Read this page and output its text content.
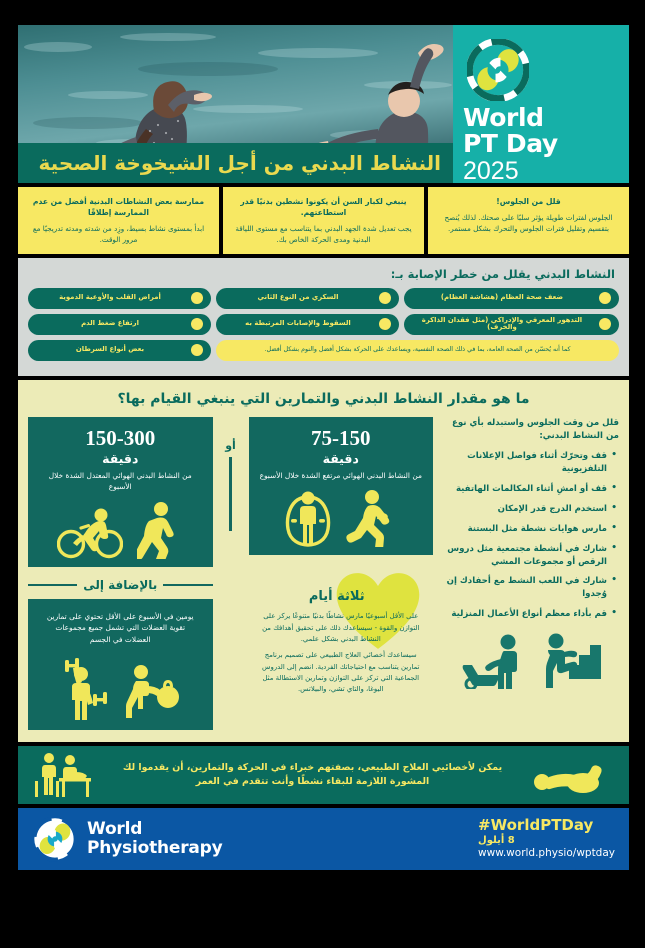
World
PT Day
2025
النشاط البدني من أجل الشيخوخة الصحية
قلل من الجلوس!
الجلوس لفترات طويلة يؤثر سلبًا على صحتك. لذلك يُنصح بتقسيم وتقليل فترات الجلوس والتحرك بشكل مستمر.
ينبغي لكبار السن أن يكونوا نشطين بدنيًا قدر استطاعتهم.
يجب تعديل شدة الجهد البدني بما يتناسب مع مستوى اللياقة البدنية ومدى الحركة الخاص بك.
ممارسة بعض النشاطات البدنية أفضل من عدم الممارسة إطلاقًا
ابدأ بمستوى نشاط بسيط، وزِد من شدته ومدته تدريجيًا مع مرور الوقت.
النشاط البدني يقلل من خطر الإصابة بـ:
ضعف صحة العظام (هشاشة العظام)
السكري من النوع الثاني
أمراض القلب والأوعية الدموية
التدهور المعرفي والإدراكي (مثل فقدان الذاكرة والخرف)
السقوط والإصابات المرتبطة به
ارتفاع ضغط الدم
كما أنه يُحسّن من الصحة العامة، بما في ذلك الصحة النفسية، ويساعدك على الحركة بشكل أفضل والنوم بشكل أفضل.
بعض أنواع السرطان
ما هو مقدار النشاط البدني والتمارين التي ينبغي القيام بها؟
قلل من وقت الجلوس واستبدله بأي نوع من النشاط البدني:
• قف وتحرّك أثناء فواصل الإعلانات التلفزيونية
• قف أو امشِ أثناء المكالمات الهاتفية
• استخدم الدرج قدر الإمكان
• مارس هوايات نشطة مثل البستنة
• شارك في أنشطة مجتمعية مثل دروس الرقص أو مجموعات المشي
• شارك في اللعب النشط مع أحفادك إن وُجدوا
• قم بأداء معظم أنواع الأعمال المنزلية
75-150
دقيقة
من النشاط البدني الهوائي مرتفع الشدة خلال الأسبوع
ثلاثة أيام
على الأقل أسبوعيًا مارس نشاطًا بدنيًا متنوعًا يركز على التوازن والقوة - سيساعدك ذلك على تحقيق أهدافك من النشاط البدني بشكل علمي.
سيساعدك أخصائي العلاج الطبيعي على تصميم برنامج تمارين يتناسب مع احتياجاتك الفردية. انضم إلى الدروس الجماعية التي تركز على التوازن وتمارين الاستطالة مثل اليوغا، والتاي تشي، والبيلاتس.
أو
150-300
دقيقة
من النشاط البدني الهوائي المعتدل الشدة خلال الأسبوع
بالإضافة إلى
يومين في الأسبوع على الأقل تحتوي على تمارين تقوية العضلات التي تشمل جميع مجموعات العضلات في الجسم
يمكن لأخصائيي العلاج الطبيعي، بصفتهم خبراء في الحركة والتمارين، أن يقدموا لك المشورة اللازمة للبقاء نشطًا وأنت تتقدم في العمر
World
Physiotherapy
#WorldPTDay
8 أيلول
www.world.physio/wptday
